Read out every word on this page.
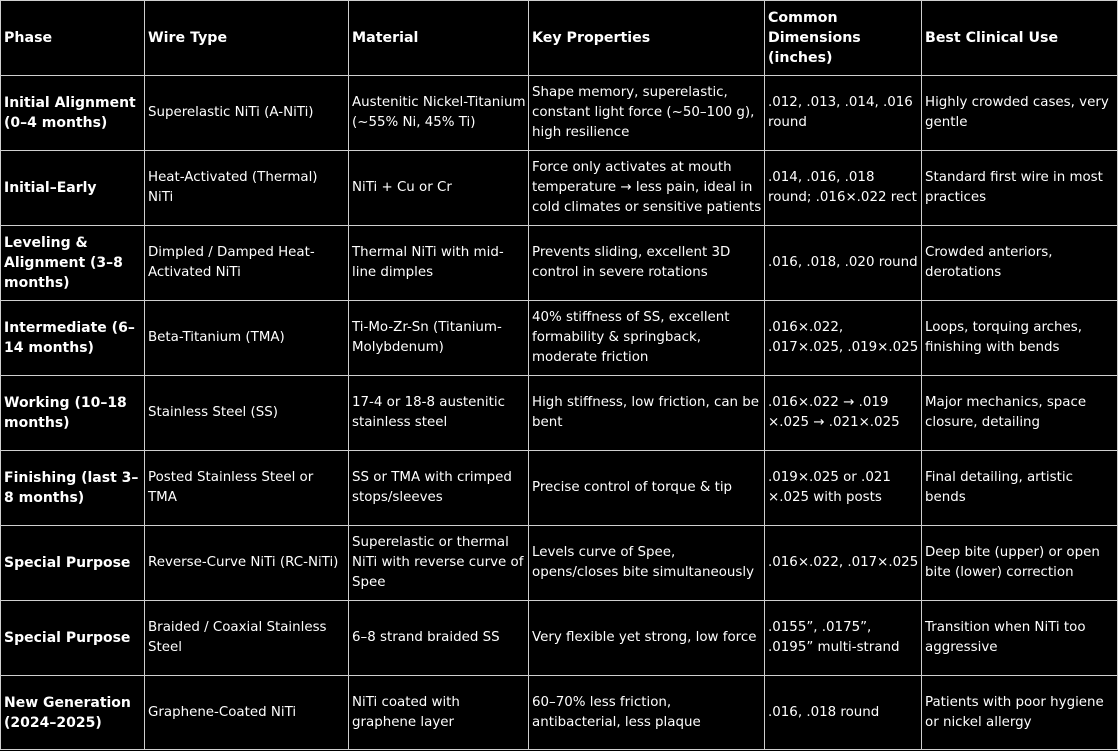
Phase	Wire Type	Material	Key Properties	Common Dimensions (inches)	Best Clinical Use
Initial Alignment (0–4 months)	Superelastic NiTi (A-NiTi)	Austenitic Nickel-Titanium (~55% Ni, 45% Ti)	Shape memory, superelastic, constant light force (~50–100 g), high resilience	.012, .013, .014, .016 round	Highly crowded cases, very gentle
Initial–Early	Heat-Activated (Thermal) NiTi	NiTi + Cu or Cr	Force only activates at mouth temperature → less pain, ideal in cold climates or sensitive patients	.014, .016, .018 round; .016×.022 rect	Standard first wire in most practices
Leveling & Alignment (3–8 months)	Dimpled / Damped Heat-Activated NiTi	Thermal NiTi with mid-line dimples	Prevents sliding, excellent 3D control in severe rotations	.016, .018, .020 round	Crowded anteriors, derotations
Intermediate (6–14 months)	Beta-Titanium (TMA)	Ti-Mo-Zr-Sn (Titanium-Molybdenum)	40% stiffness of SS, excellent formability & springback, moderate friction	.016×.022, .017×.025, .019×.025	Loops, torquing arches, finishing with bends
Working (10–18 months)	Stainless Steel (SS)	17-4 or 18-8 austenitic stainless steel	High stiffness, low friction, can be bent	.016×.022 → .019 ×.025 → .021×.025	Major mechanics, space closure, detailing
Finishing (last 3–8 months)	Posted Stainless Steel or TMA	SS or TMA with crimped stops/sleeves	Precise control of torque & tip	.019×.025 or .021 ×.025 with posts	Final detailing, artistic bends
Special Purpose	Reverse-Curve NiTi (RC-NiTi)	Superelastic or thermal NiTi with reverse curve of Spee	Levels curve of Spee, opens/closes bite simultaneously	.016×.022, .017×.025	Deep bite (upper) or open bite (lower) correction
Special Purpose	Braided / Coaxial Stainless Steel	6–8 strand braided SS	Very flexible yet strong, low force	.0155”, .0175”, .0195” multi-strand	Transition when NiTi too aggressive
New Generation (2024–2025)	Graphene-Coated NiTi	NiTi coated with graphene layer	60–70% less friction, antibacterial, less plaque	.016, .018 round	Patients with poor hygiene or nickel allergy
